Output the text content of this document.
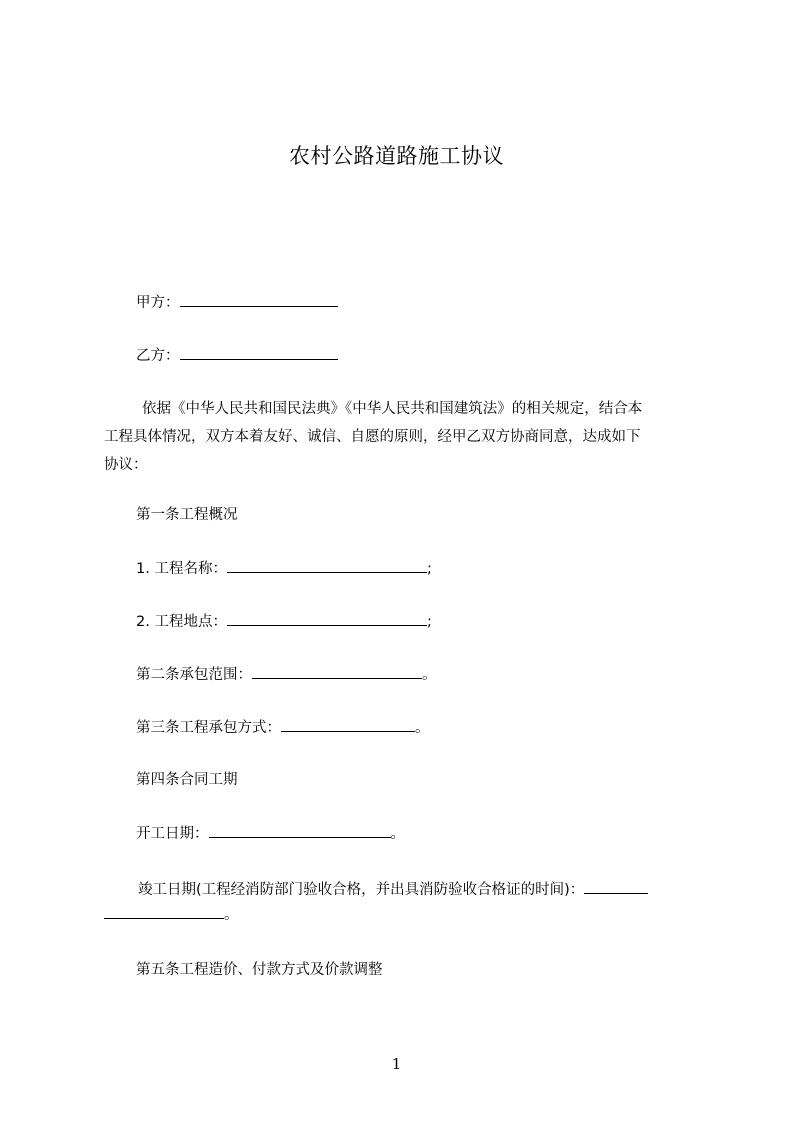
农村公路道路施工协议
甲方：
乙方：
依据《中华人民共和国民法典》《中华人民共和国建筑法》的相关规定，结合本
工程具体情况，双方本着友好、诚信、自愿的原则，经甲乙双方协商同意，达成如下
协议：
第一条工程概况
1. 工程名称：	;
2. 工程地点：	;
第二条承包范围：	。
第三条工程承包方式：	。
第四条合同工期
开工日期：	。
竣工日期(工程经消防部门验收合格，并出具消防验收合格证的时间)：
。
第五条工程造价、付款方式及价款调整
1
